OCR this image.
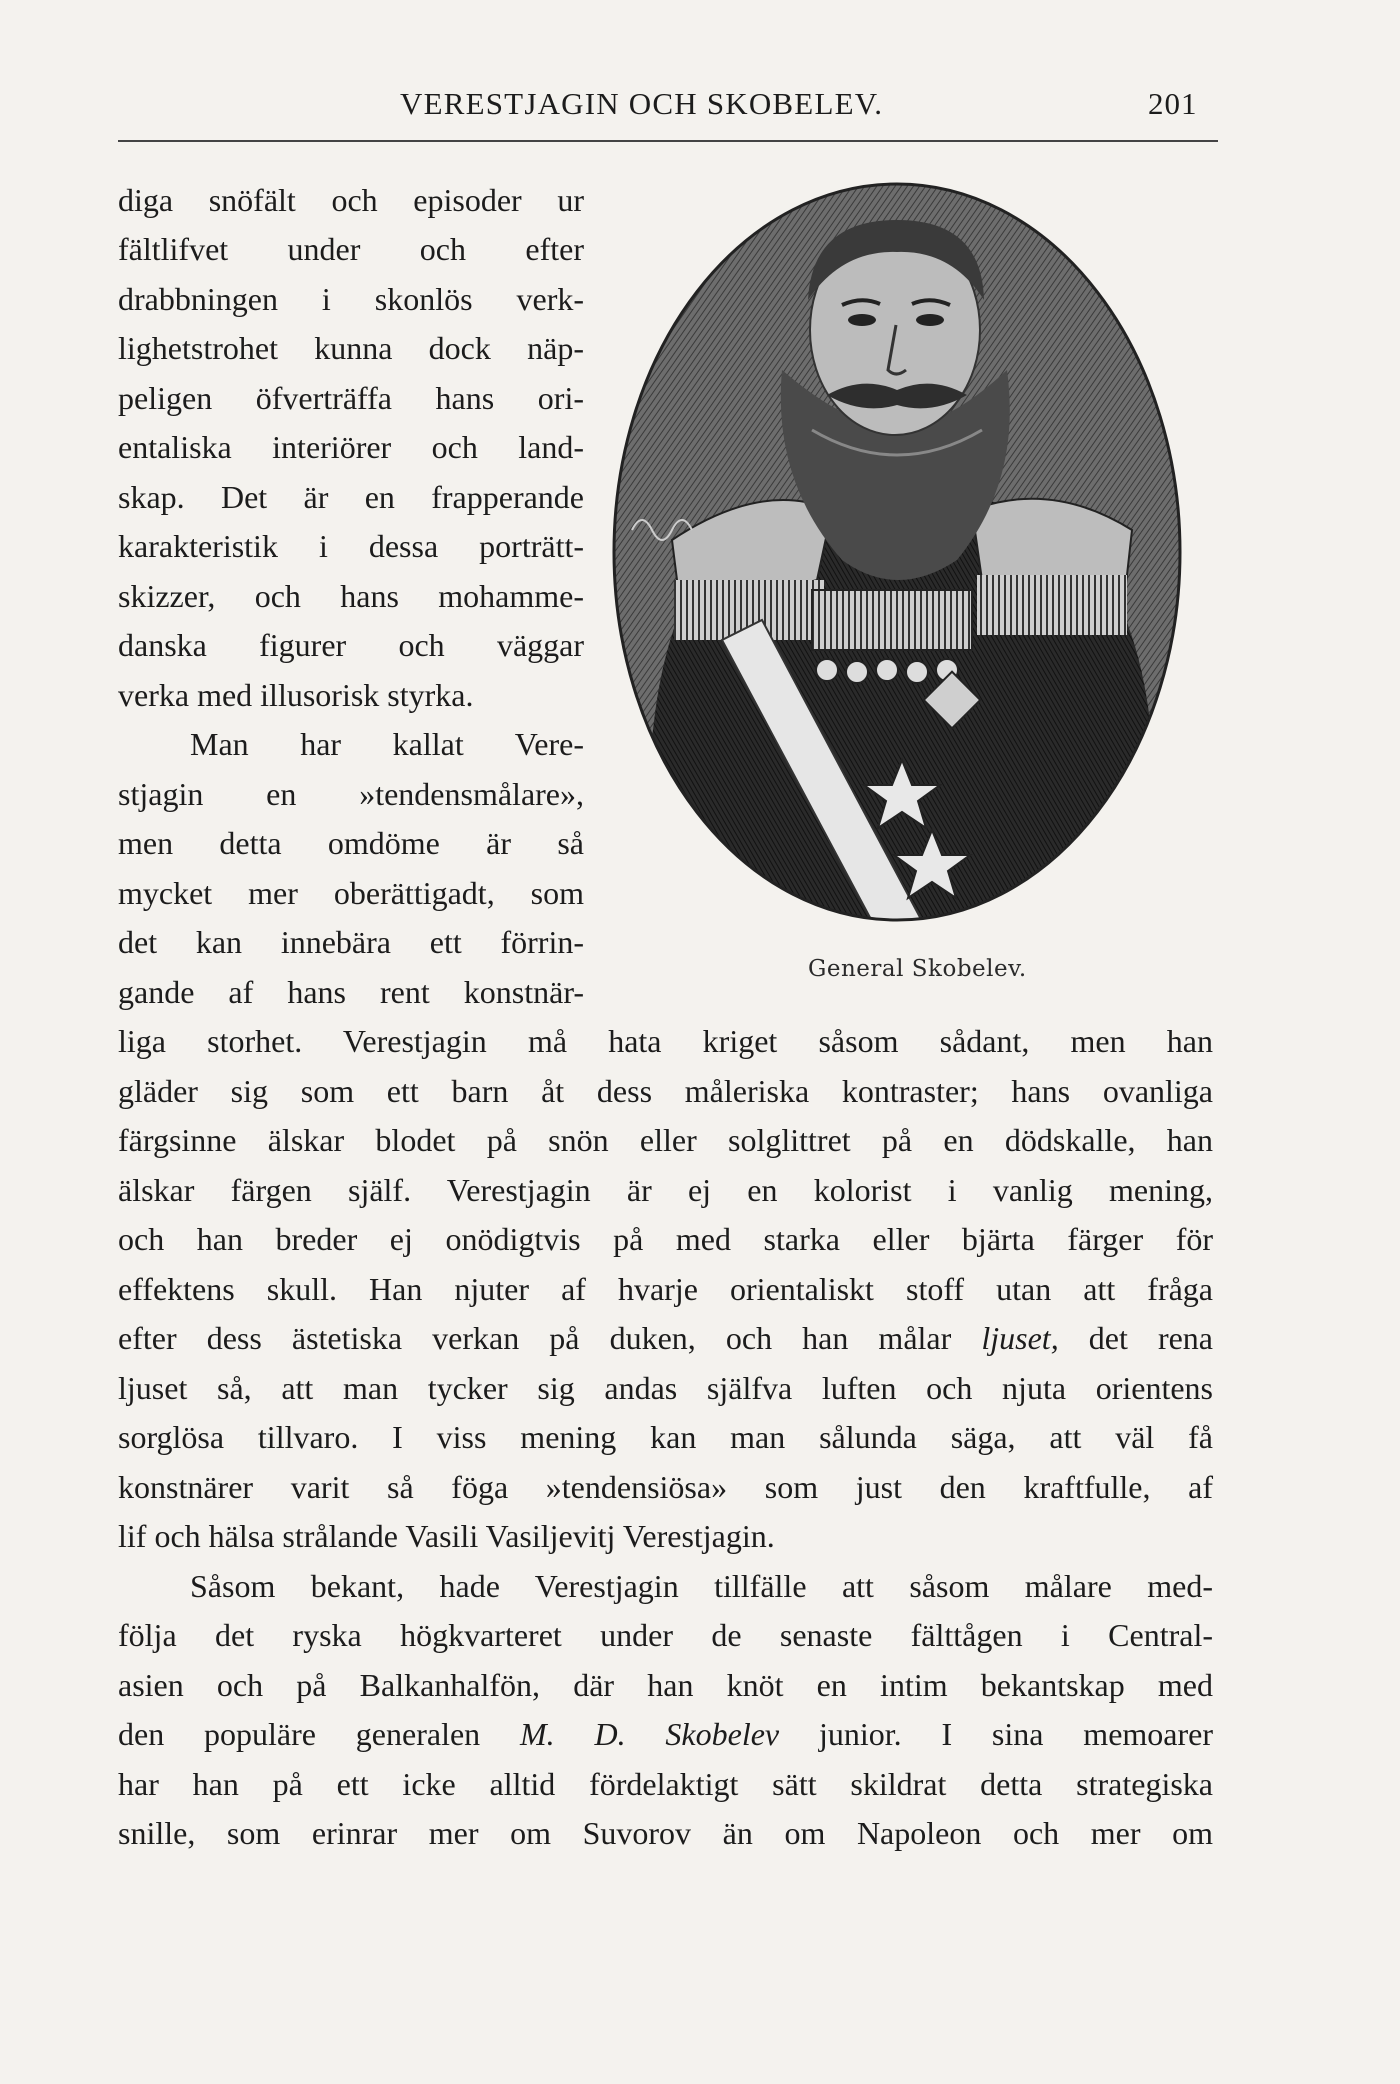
VERESTJAGIN OCH SKOBELEV.	201
diga snöfält och episoder ur
fältlifvet under och efter
drabbningen i skonlös verk-
lighetstrohet kunna dock näp-
peligen öfverträffa hans ori-
entaliska interiörer och land-
skap. Det är en frapperande
karakteristik i dessa porträtt-
skizzer, och hans mohamme-
danska figurer och väggar
verka med illusorisk styrka.
Man har kallat Vere-
stjagin en »tendensmålare»,
men detta omdöme är så
mycket mer oberättigadt, som
det kan innebära ett förrin-
gande af hans rent konstnär-
General Skobelev.
liga storhet. Verestjagin må hata kriget såsom sådant, men han
gläder sig som ett barn åt dess måleriska kontraster; hans ovanliga
färgsinne älskar blodet på snön eller solglittret på en dödskalle, han
älskar färgen själf. Verestjagin är ej en kolorist i vanlig mening,
och han breder ej onödigtvis på med starka eller bjärta färger för
effektens skull. Han njuter af hvarje orientaliskt stoff utan att fråga
efter dess ästetiska verkan på duken, och han målar ljuset, det rena
ljuset så, att man tycker sig andas själfva luften och njuta orientens
sorglösa tillvaro. I viss mening kan man sålunda säga, att väl få
konstnärer varit så föga »tendensiösa» som just den kraftfulle, af
lif och hälsa strålande Vasili Vasiljevitj Verestjagin.
Såsom bekant, hade Verestjagin tillfälle att såsom målare med-
följa det ryska högkvarteret under de senaste fälttågen i Central-
asien och på Balkanhalfön, där han knöt en intim bekantskap med
den populäre generalen M. D. Skobelev junior. I sina memoarer
har han på ett icke alltid fördelaktigt sätt skildrat detta strategiska
snille, som erinrar mer om Suvorov än om Napoleon och mer om
